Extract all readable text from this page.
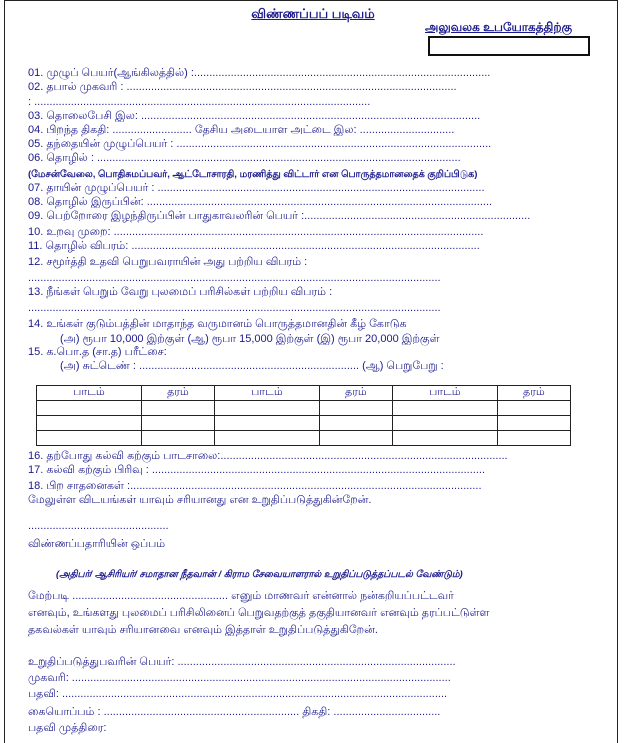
விண்ணப்பப் படிவம்
அலுவலக உபயோகத்திற்கு
01. முழுப் பெயர்(ஆங்கிலத்தில்) :.................................................................................................
02. தபால் முகவரி : ............................................................................................................
: ..............................................................................................................
03. தொலைபேசி இல: ...............................................................................................................
04. பிறந்த திகதி: .......................... தேசிய அடையாள அட்டை இல: ...............................
05. தந்தையின் முழுப்பெயர் : .......................................................................................................
06. தொழில் : .......................................................................................................................
(மேசன்வேலை, பொதிசுமப்பவர், ஆட்டோசாரதி, மரணித்து விட்டார் என பொருத்தமானதைக் குறிப்பிடுக)
07. தாயின் முழுப்பெயர் : ...........................................................................................................
08. தொழில் இருப்பின்: .................................................................................................................
09. பெற்றோரை இழந்திருப்பின் பாதுகாவலரின் பெயர் :..........................................................................
10. உறவு முறை: .........................................................................................................................
11. தொழில் விபரம்: ..................................................................................................................
12. சமூர்த்தி உதவி பெறுபவராயின் அது பற்றிய விபரம் :
.......................................................................................................................................
13. நீங்கள் பெறும் வேறு புலமைப் பரிசில்கள் பற்றிய விபரம் :
.......................................................................................................................................
14. உங்கள் குடும்பத்தின் மாதாந்த வருமானம் பொருத்தமானதின் கீழ் கோடுக
(அ) ரூபா 10,000 இற்குள் (ஆ) ரூபா 15,000 இற்குள் (இ) ரூபா 20,000 இற்குள்
15. க.பொ.த (சா.த) பரீட்சை:
(அ) சுட்டெண் : ........................................................................ (ஆ) பெறுபேறு :
16. தற்போது கல்வி கற்கும் பாடசாலை:..............................................................................................
17. கல்வி கற்கும் பிரிவு : .............................................................................................................
18. பிற சாதனைகள் :...................................................................................................................
மேலுள்ள விடயங்கள் யாவும் சரியானது என உறுதிப்படுத்துகின்றேன்.
..............................................
விண்ணப்பதாரியின் ஒப்பம்
(அதிபர்/ ஆசிரியர்/ சமாதான நீதவான் / கிராம சேவையாளரால் உறுதிப்படுத்தப்படல் வேண்டும்)
மேற்படி ................................................... எனும் மாணவர் என்னால் நன்கறியப்பட்டவர்
எனவும், உங்களது புலமைப் பரிசிலினைப் பெறுவதற்குத் தகுதியானவர் எனவும் தரப்பட்டுள்ள
தகவல்கள் யாவும் சரியானவை எனவும் இத்தாள் உறுதிப்படுத்துகிறேன்.
உறுதிப்படுத்துபவரின் பெயர்: ...........................................................................................
முகவரி: ............................................................................................................................
பதவி: ..............................................................................................................................
கையொப்பம் : ................................................................ திகதி: ...................................
பதவி முத்திரை:
பாடம்	தரம்	பாடம்	தரம்	பாடம்	தரம்
